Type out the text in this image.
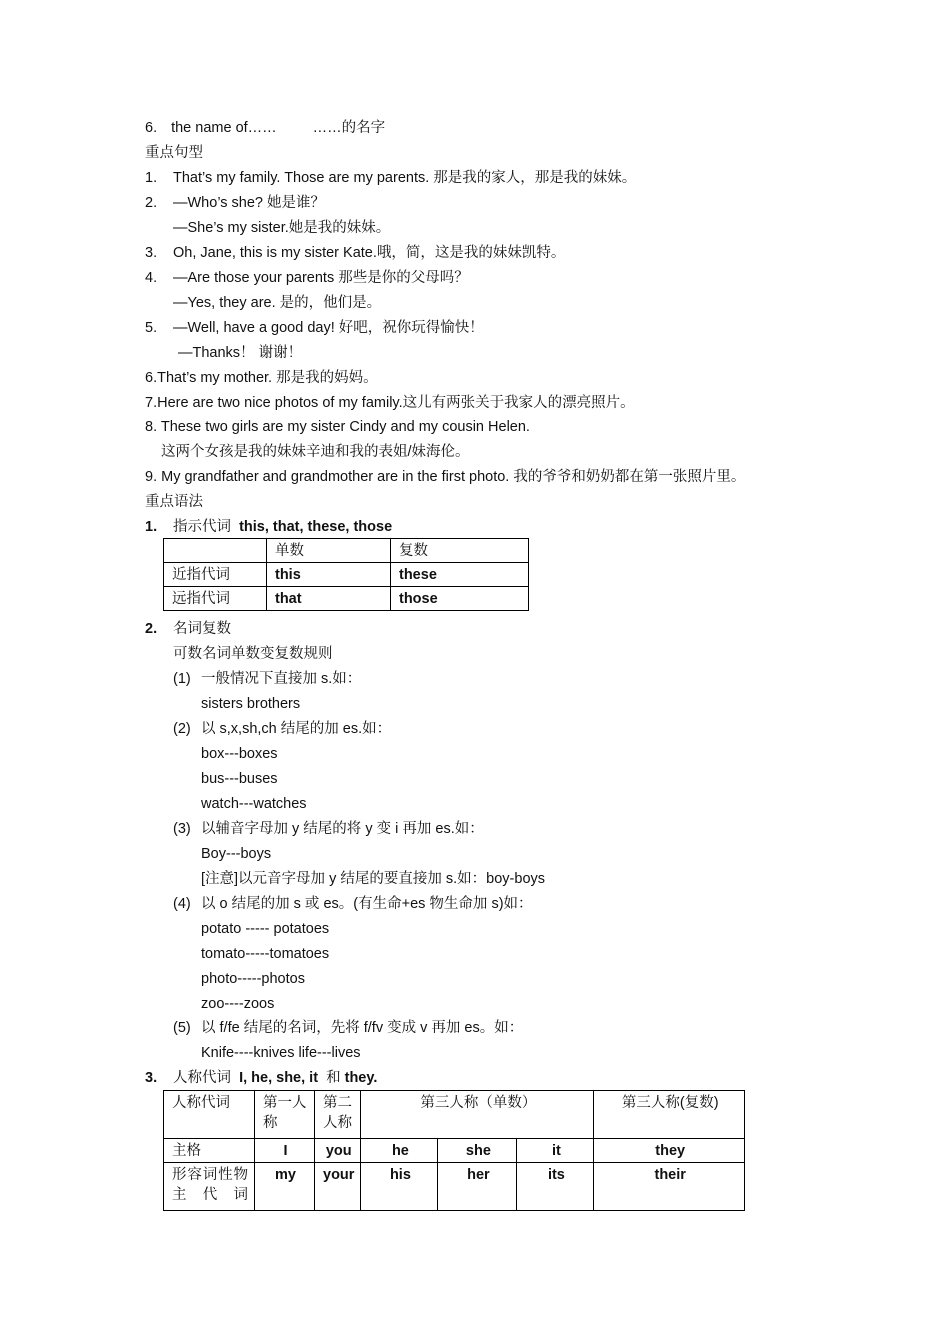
6. the name of…… ……的名字
重点句型
1. That’s my family. Those are my parents. 那是我的家人，那是我的妹妹。
2. —Who’s she? 她是谁？
—She’s my sister.她是我的妹妹。
3. Oh, Jane, this is my sister Kate.哦，简，这是我的妹妹凯特。
4. —Are those your parents 那些是你的父母吗？
—Yes, they are. 是的，他们是。
5. —Well, have a good day! 好吧，祝你玩得愉快！
—Thanks！ 谢谢！
6.That’s my mother. 那是我的妈妈。
7.Here are two nice photos of my family.这儿有两张关于我家人的漂亮照片。
8. These two girls are my sister Cindy and my cousin Helen.
这两个女孩是我的妹妹辛迪和我的表姐/妹海伦。
9. My grandfather and grandmother are in the first photo. 我的爷爷和奶奶都在第一张照片里。
重点语法
1. 指示代词 this, that, these, those
	单数	复数
近指代词	this	these
远指代词	that	those
2. 名词复数
可数名词单数变复数规则
(1) 一般情况下直接加 s.如：
sisters brothers
(2) 以 s,x,sh,ch 结尾的加 es.如：
box---boxes
bus---buses
watch---watches
(3) 以辅音字母加 y 结尾的将 y 变 i 再加 es.如：
Boy---boys
[注意]以元音字母加 y 结尾的要直接加 s.如：boy-boys
(4) 以 o 结尾的加 s 或 es。(有生命+es 物生命加 s)如：
potato ----- potatoes
tomato-----tomatoes
photo-----photos
zoo----zoos
(5) 以 f/fe 结尾的名词，先将 f/fv 变成 v 再加 es。如：
Knife----knives life---lives
3. 人称代词 I, he, she, it 和 they.
人称代词	第一人称	第二人称	第三人称（单数）			第三人称(复数)
主格	I	you	he	she	it	they
形容词性物主代词	my	your	his	her	its	their
